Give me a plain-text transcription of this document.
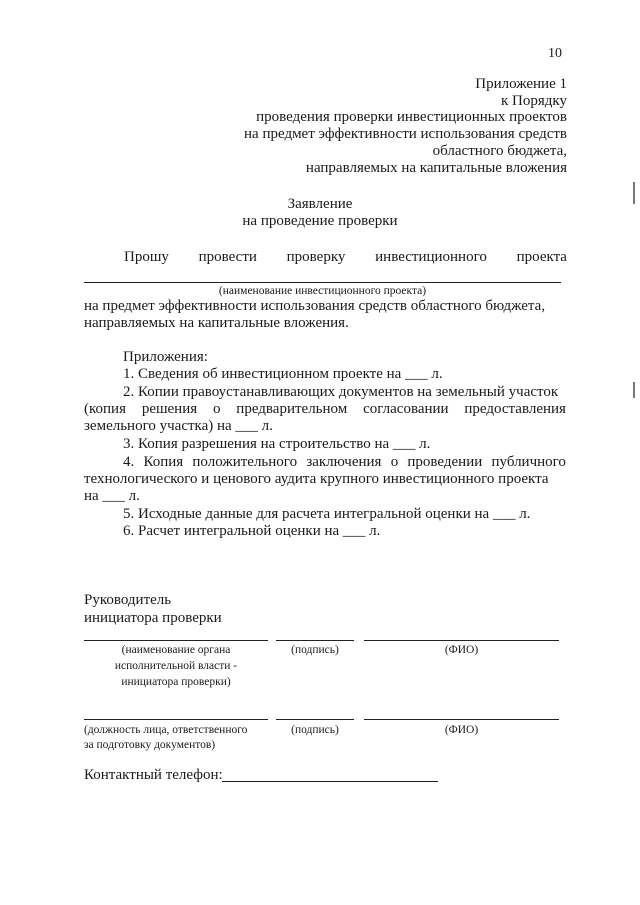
10
Приложение 1
к Порядку
проведения проверки инвестиционных проектов
на предмет эффективности использования средств
областного бюджета,
направляемых на капитальные вложения
Заявление
на проведение проверки
Прошу провести проверку инвестиционного проекта
(наименование инвестиционного проекта)
на предмет эффективности использования средств областного бюджета,
направляемых на капитальные вложения.
Приложения:
1. Сведения об инвестиционном проекте на ___ л.
2. Копии правоустанавливающих документов на земельный участок
(копия решения о предварительном согласовании предоставления
земельного участка) на ___ л.
3. Копия разрешения на строительство на ___ л.
4. Копия положительного заключения о проведении публичного
технологического и ценового аудита крупного инвестиционного проекта
на ___ л.
5. Исходные данные для расчета интегральной оценки на ___ л.
6. Расчет интегральной оценки на ___ л.
Руководитель
инициатора проверки
(наименование органа
исполнительной власти -
инициатора проверки)
(подпись)	(ФИО)
(должность лица, ответственного
за подготовку документов)
(подпись)	(ФИО)
Контактный телефон:
